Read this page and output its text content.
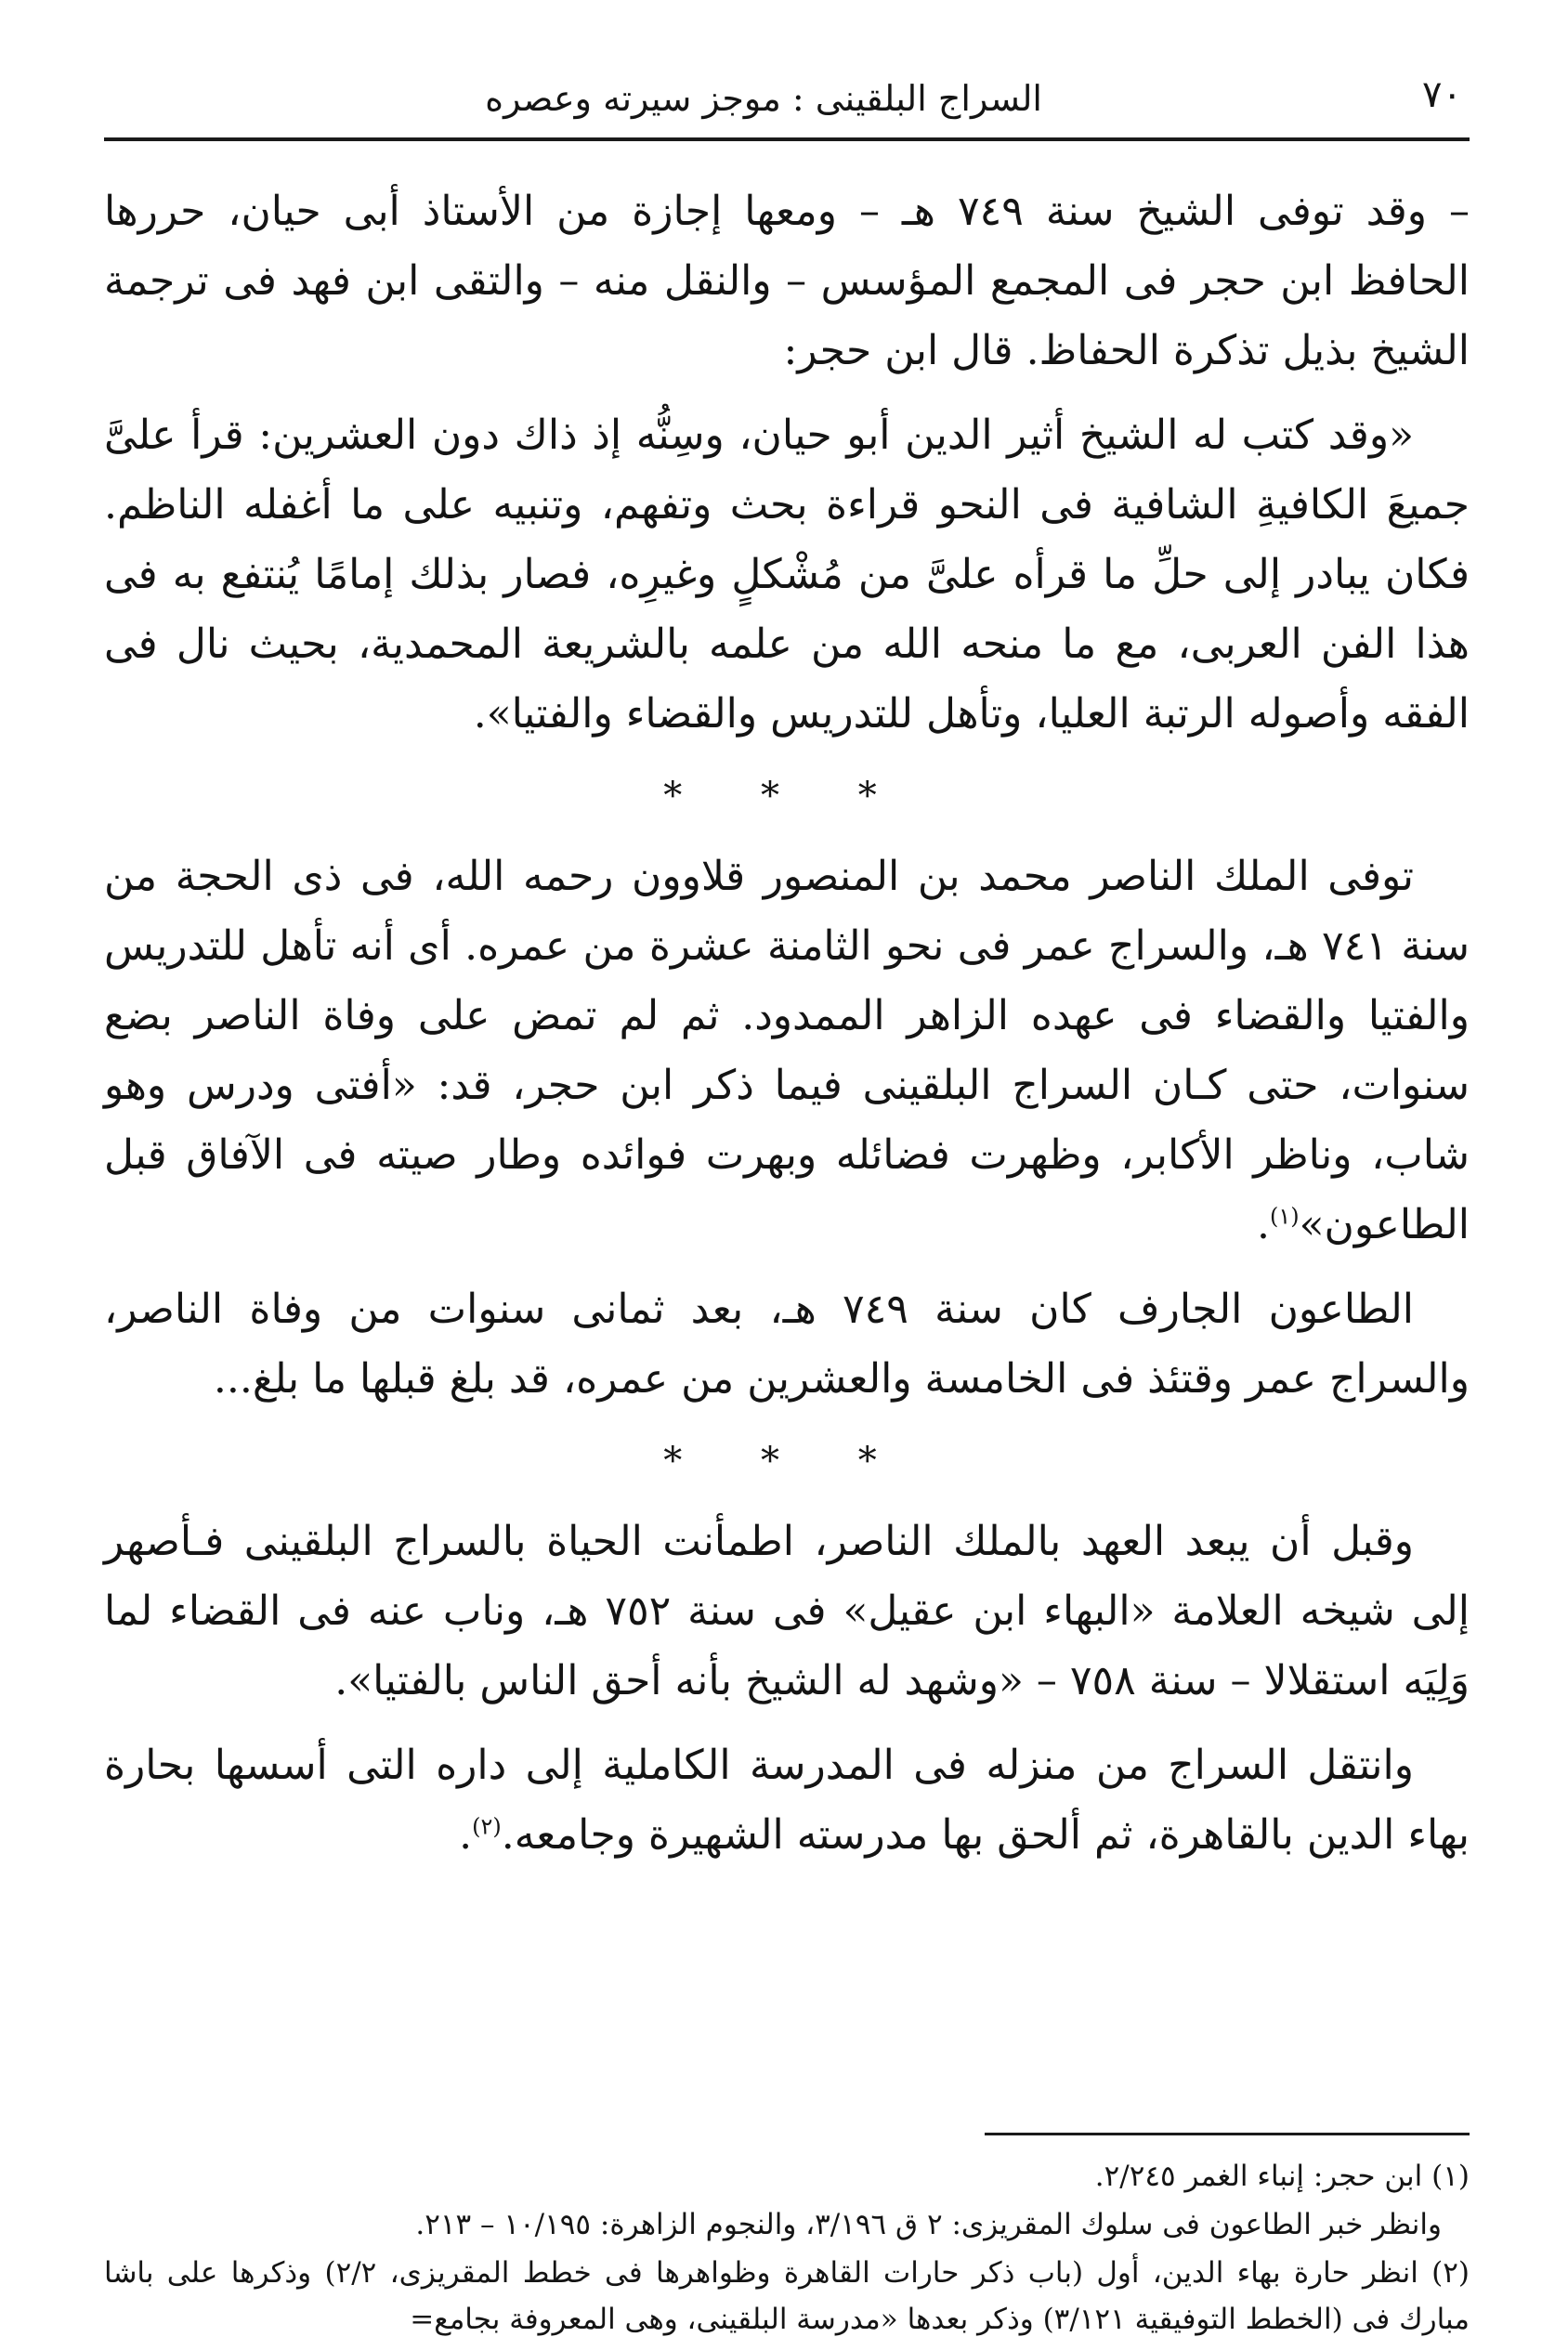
٧٠
السراج البلقينى : موجز سيرته وعصره

– وقد توفى الشيخ سنة ٧٤٩ هـ – ومعها إجازة من الأستاذ أبى حيان، حررها الحافظ ابن حجر فى المجمع المؤسس – والنقل منه – والتقى ابن فهد فى ترجمة الشيخ بذيل تذكرة الحفاظ. قال ابن حجر:

«وقد كتب له الشيخ أثير الدين أبو حيان، وسِنُّه إذ ذاك دون العشرين: قرأ علىَّ جميعَ الكافيةِ الشافية فى النحو قراءة بحث وتفهم، وتنبيه على ما أغفله الناظم. فكان يبادر إلى حلِّ ما قرأه علىَّ من مُشْكلٍ وغيرِه، فصار بذلك إمامًا يُنتفع به فى هذا الفن العربى، مع ما منحه الله من علمه بالشريعة المحمدية، بحيث نال فى الفقه وأصوله الرتبة العليا، وتأهل للتدريس والقضاء والفتيا».

* * *

توفى الملك الناصر محمد بن المنصور قلاوون رحمه الله، فى ذى الحجة من سنة ٧٤١ هـ، والسراج عمر فى نحو الثامنة عشرة من عمره. أى أنه تأهل للتدريس والفتيا والقضاء فى عهده الزاهر الممدود. ثم لم تمض على وفاة الناصر بضع سنوات، حتى كـان السراج البلقينى فيما ذكر ابن حجر، قد: «أفتى ودرس وهو شاب، وناظر الأكابر، وظهرت فضائله وبهرت فوائده وطار صيته فى الآفاق قبل الطاعون»$^{(١)}$.

الطاعون الجارف كان سنة ٧٤٩ هـ، بعد ثمانى سنوات من وفاة الناصر، والسراج عمر وقتئذ فى الخامسة والعشرين من عمره، قد بلغ قبلها ما بلغ...

* * *

وقبل أن يبعد العهد بالملك الناصر، اطمأنت الحياة بالسراج البلقينى فـأصهر إلى شيخه العلامة «البهاء ابن عقيل» فى سنة ٧٥٢ هـ، وناب عنه فى القضاء لما وَلِيَه استقلالا – سنة ٧٥٨ – «وشهد له الشيخ بأنه أحق الناس بالفتيا».

وانتقل السراج من منزله فى المدرسة الكاملية إلى داره التى أسسها بحارة بهاء الدين بالقاهرة، ثم ألحق بها مدرسته الشهيرة وجامعه.$^{(٢)}$.

(١) ابن حجر: إنباء الغمر ٢/٢٤٥.

وانظر خبر الطاعون فى سلوك المقريزى: ٢ ق ٣/١٩٦، والنجوم الزاهرة: ١٠/١٩٥ – ٢١٣.

(٢) انظر حارة بهاء الدين، أول (باب ذكر حارات القاهرة وظواهرها فى خطط المقريزى، ٢/٢) وذكرها على باشا مبارك فى (الخطط التوفيقية ٣/١٢١) وذكر بعدها «مدرسة البلقينى، وهى المعروفة بجامع=
